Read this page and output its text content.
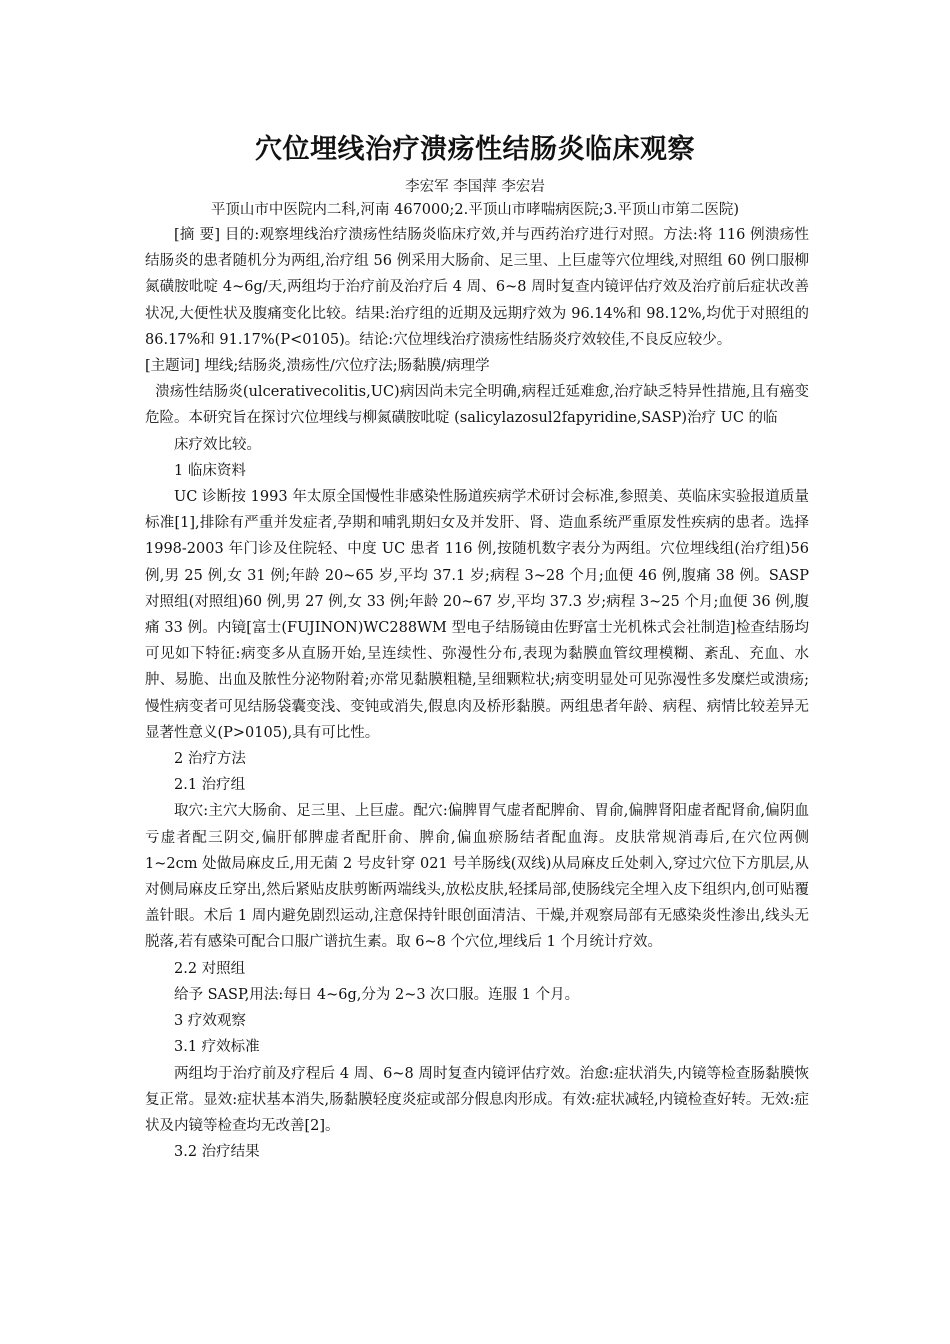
穴位埋线治疗溃疡性结肠炎临床观察
李宏军 李国萍 李宏岩
平顶山市中医院内二科,河南 467000;2.平顶山市哮喘病医院;3.平顶山市第二医院)

[摘 要] 目的:观察埋线治疗溃疡性结肠炎临床疗效,并与西药治疗进行对照。方法:将 116 例溃疡性结肠炎的患者随机分为两组,治疗组 56 例采用大肠俞、足三里、上巨虚等穴位埋线,对照组 60 例口服柳氮磺胺吡啶 4~6g/天,两组均于治疗前及治疗后 4 周、6~8 周时复查内镜评估疗效及治疗前后症状改善状况,大便性状及腹痛变化比较。结果:治疗组的近期及远期疗效为 96.14%和 98.12%,均优于对照组的 86.17%和 91.17%(P<0105)。结论:穴位埋线治疗溃疡性结肠炎疗效较佳,不良反应较少。

[主题词] 埋线;结肠炎,溃疡性/穴位疗法;肠黏膜/病理学

溃疡性结肠炎(ulcerativecolitis,UC)病因尚未完全明确,病程迁延难愈,治疗缺乏特异性措施,且有癌变危险。本研究旨在探讨穴位埋线与柳氮磺胺吡啶 (salicylazosul2fapyridine,SASP)治疗 UC 的临

床疗效比较。

1 临床资料

UC 诊断按 1993 年太原全国慢性非感染性肠道疾病学术研讨会标准,参照美、英临床实验报道质量标准[1],排除有严重并发症者,孕期和哺乳期妇女及并发肝、肾、造血系统严重原发性疾病的患者。选择 1998-2003 年门诊及住院轻、中度 UC 患者 116 例,按随机数字表分为两组。穴位埋线组(治疗组)56 例,男 25 例,女 31 例;年龄 20~65 岁,平均 37.1 岁;病程 3~28 个月;血便 46 例,腹痛 38 例。SASP 对照组(对照组)60 例,男 27 例,女 33 例;年龄 20~67 岁,平均 37.3 岁;病程 3~25 个月;血便 36 例,腹痛 33 例。内镜[富士(FUJINON)WC288WM 型电子结肠镜由佐野富士光机株式会社制造]检查结肠均可见如下特征:病变多从直肠开始,呈连续性、弥漫性分布,表现为黏膜血管纹理模糊、紊乱、充血、水肿、易脆、出血及脓性分泌物附着;亦常见黏膜粗糙,呈细颗粒状;病变明显处可见弥漫性多发糜烂或溃疡;慢性病变者可见结肠袋囊变浅、变钝或消失,假息肉及桥形黏膜。两组患者年龄、病程、病情比较差异无显著性意义(P>0105),具有可比性。

2 治疗方法

2.1 治疗组

取穴:主穴大肠俞、足三里、上巨虚。配穴:偏脾胃气虚者配脾俞、胃俞,偏脾肾阳虚者配肾俞,偏阴血亏虚者配三阴交,偏肝郁脾虚者配肝俞、脾俞,偏血瘀肠结者配血海。皮肤常规消毒后,在穴位两侧 1~2cm 处做局麻皮丘,用无菌 2 号皮针穿 021 号羊肠线(双线)从局麻皮丘处刺入,穿过穴位下方肌层,从对侧局麻皮丘穿出,然后紧贴皮肤剪断两端线头,放松皮肤,轻揉局部,使肠线完全埋入皮下组织内,创可贴覆盖针眼。术后 1 周内避免剧烈运动,注意保持针眼创面清洁、干燥,并观察局部有无感染炎性渗出,线头无脱落,若有感染可配合口服广谱抗生素。取 6~8 个穴位,埋线后 1 个月统计疗效。

2.2 对照组

给予 SASP,用法:每日 4~6g,分为 2~3 次口服。连服 1 个月。

3 疗效观察

3.1 疗效标准

两组均于治疗前及疗程后 4 周、6~8 周时复查内镜评估疗效。治愈:症状消失,内镜等检查肠黏膜恢复正常。显效:症状基本消失,肠黏膜轻度炎症或部分假息肉形成。有效:症状减轻,内镜检查好转。无效:症状及内镜等检查均无改善[2]。

3.2 治疗结果
